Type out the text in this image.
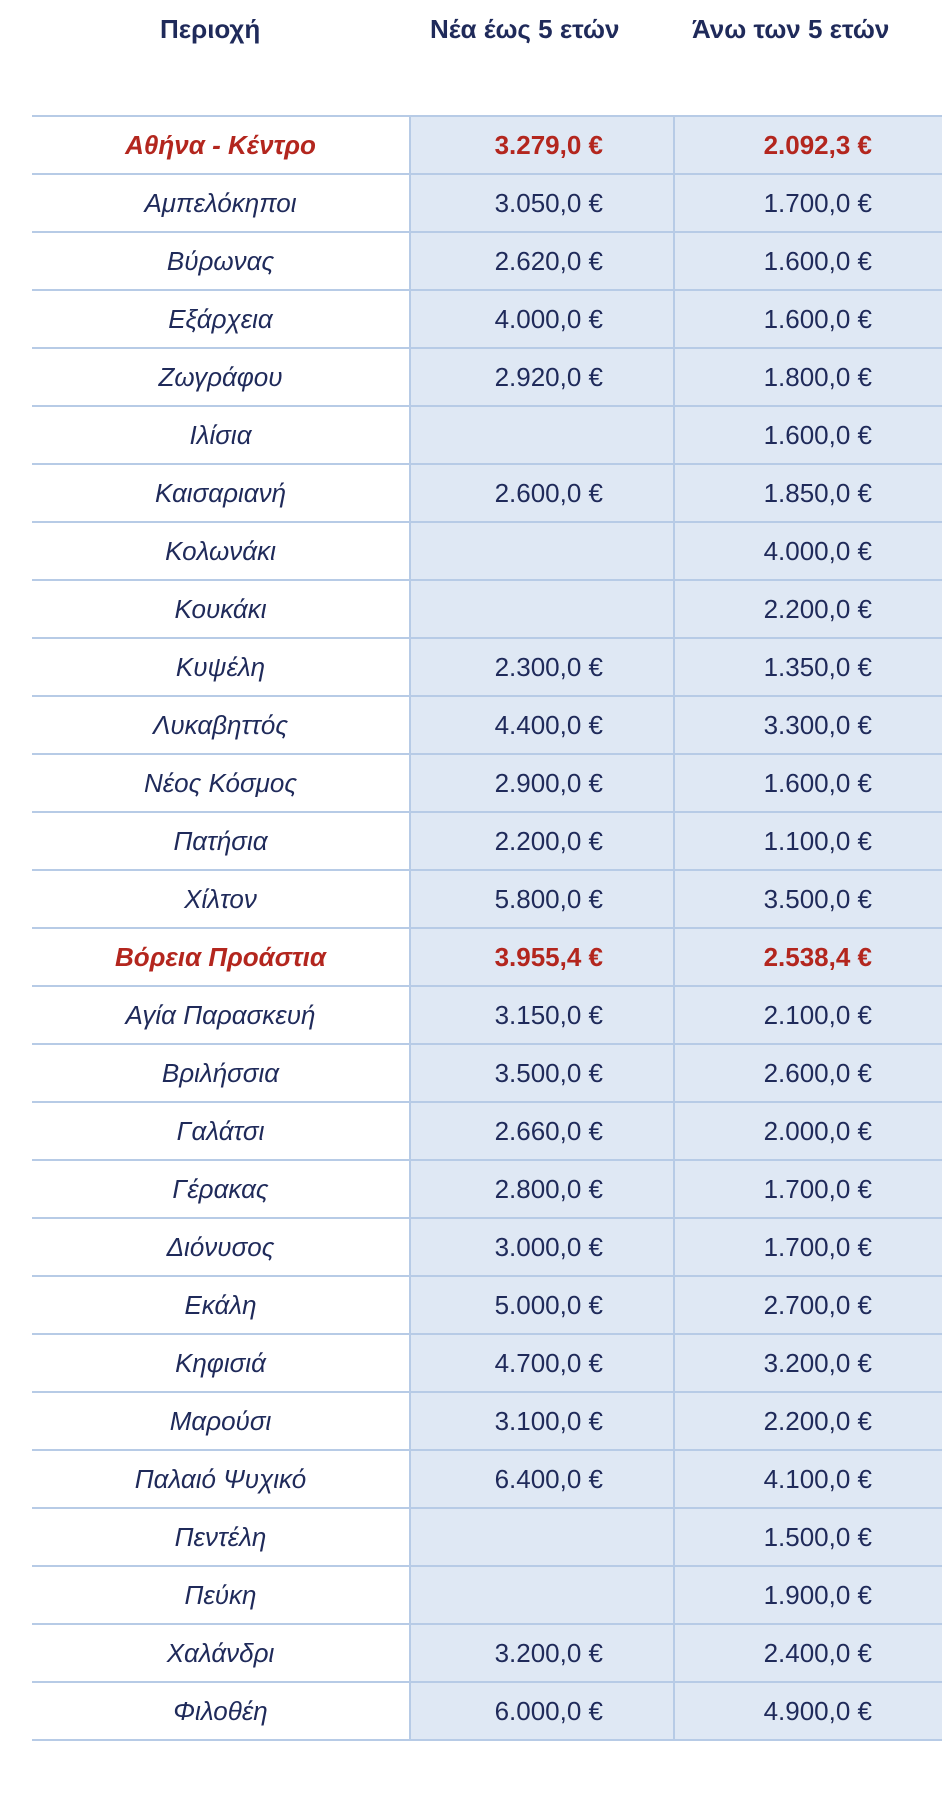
Περιοχή	Νέα έως 5 ετών	Άνω των 5 ετών
Αθήνα - Κέντρο	3.279,0 €	2.092,3 €
Αμπελόκηποι	3.050,0 €	1.700,0 €
Βύρωνας	2.620,0 €	1.600,0 €
Εξάρχεια	4.000,0 €	1.600,0 €
Ζωγράφου	2.920,0 €	1.800,0 €
Ιλίσια		1.600,0 €
Καισαριανή	2.600,0 €	1.850,0 €
Κολωνάκι		4.000,0 €
Κουκάκι		2.200,0 €
Κυψέλη	2.300,0 €	1.350,0 €
Λυκαβηττός	4.400,0 €	3.300,0 €
Νέος Κόσμος	2.900,0 €	1.600,0 €
Πατήσια	2.200,0 €	1.100,0 €
Χίλτον	5.800,0 €	3.500,0 €
Βόρεια Προάστια	3.955,4 €	2.538,4 €
Αγία Παρασκευή	3.150,0 €	2.100,0 €
Βριλήσσια	3.500,0 €	2.600,0 €
Γαλάτσι	2.660,0 €	2.000,0 €
Γέρακας	2.800,0 €	1.700,0 €
Διόνυσος	3.000,0 €	1.700,0 €
Εκάλη	5.000,0 €	2.700,0 €
Κηφισιά	4.700,0 €	3.200,0 €
Μαρούσι	3.100,0 €	2.200,0 €
Παλαιό Ψυχικό	6.400,0 €	4.100,0 €
Πεντέλη		1.500,0 €
Πεύκη		1.900,0 €
Χαλάνδρι	3.200,0 €	2.400,0 €
Φιλοθέη	6.000,0 €	4.900,0 €
